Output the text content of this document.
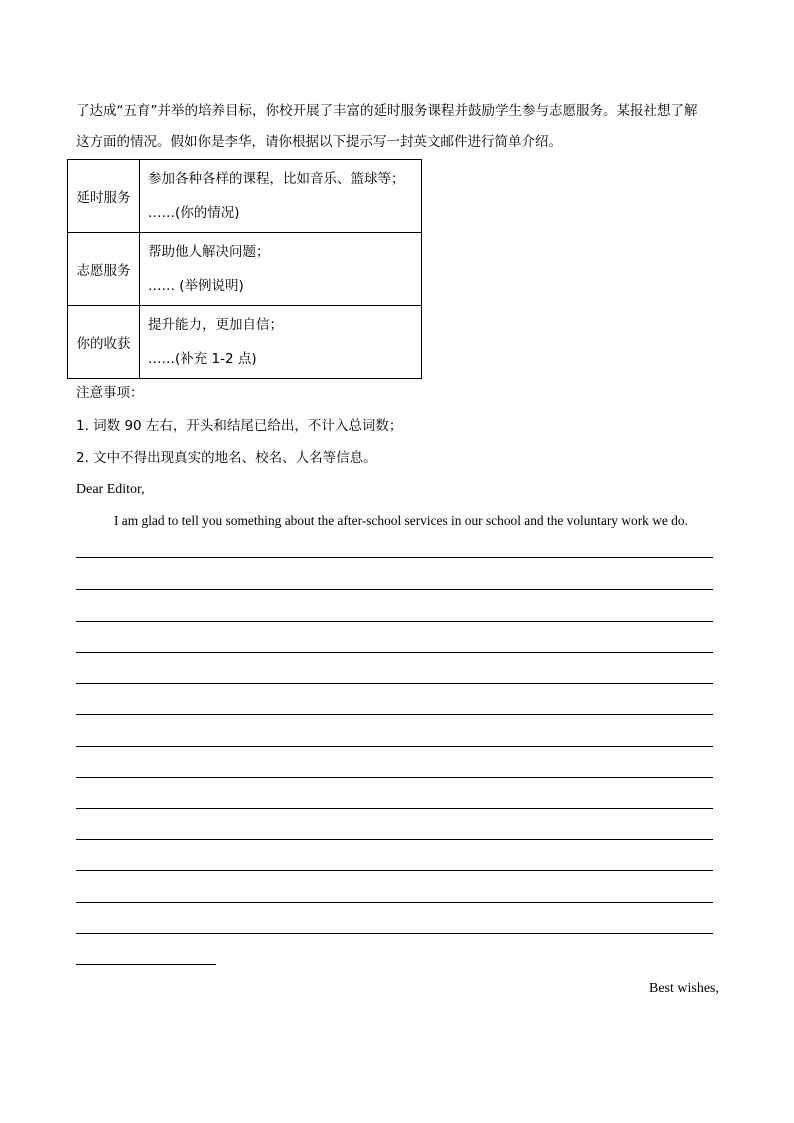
了达成“五育”并举的培养目标，你校开展了丰富的延时服务课程并鼓励学生参与志愿服务。某报社想了解
这方面的情况。假如你是李华，请你根据以下提示写一封英文邮件进行简单介绍。
延时服务	参加各种各样的课程，比如音乐、篮球等；
……(你的情况)

志愿服务	帮助他人解决问题；
…… (举例说明)

你的收获	提升能力，更加自信；
……(补充 1-2 点)
注意事项：
1. 词数 90 左右，开头和结尾已给出，不计入总词数；
2. 文中不得出现真实的地名、校名、人名等信息。
Dear Editor,
I am glad to tell you something about the after-school services in our school and the voluntary work we do.
Best wishes,
